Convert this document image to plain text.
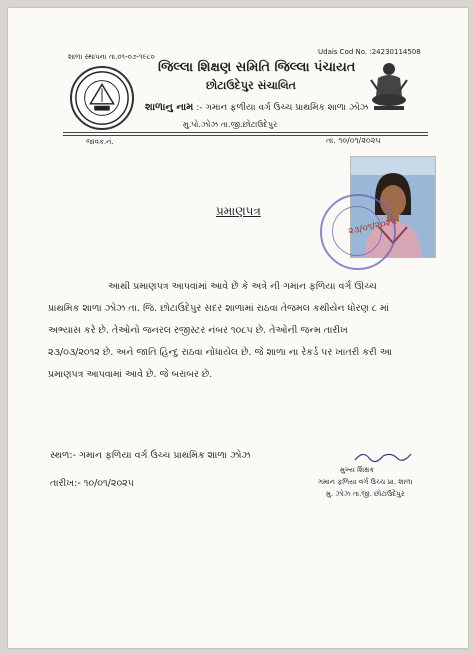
શાળા સ્થાપના તા.૦૧-૦૭-૧૯૮૦
Udais Cod No. :24230114508
જિલ્લા શિક્ષણ સમિતિ જિલ્લા પંચાયત
છોટાઉદેપુર સંચાલિત
શાળાનુ નામ :- ગમાન ફળીયા વર્ગ ઉચ્ચ પ્રાથમિક શાળા ઝોઝ
મુ.પો.ઝોઝ તા.જી.છોટાઉદેપુર
જાવક.નં.	તા. ૧૦/૦૧/૨૦૨૫
૨૩/૦૧/૨૦૨૫
પ્રમાણપત્ર

આથી પ્રમાણપત્ર આપવામાં આવે છે કે અત્રે ની ગમાન ફળિયા વર્ગ ઊચ્ચ

પ્રાથમિક શાળા ઝોઝ તા. જિ. છોટાઉદેપુર સદર શાળામાં રાઠવા તેજમલ કથીયેન ધોરણ ૮ માં

અભ્યાસ કરે છે. તેઓનો જનરલ રજીસ્ટર નંબર ૧૦૮૫ છે. તેઓની જન્મ તારીખ

૨૩/૦૩/૨૦૧૨ છે. અને જાતિ હિન્દુ રાઠવા નોંધાયેલ છે. જે શાળા ના રેકર્ડ પર ખાતરી કરી આ

પ્રમાણપત્ર આપવામાં આવે છે. જે બરાબર છે.

સ્થળ:- ગમાન ફળિયા વર્ગ ઉચ્ચ પ્રાથમિક શાળા ઝોઝ
તારીખ:- ૧૦/૦૧/૨૦૨૫
મુખ્ય શિક્ષક
ગમાન ફળિયા વર્ગ ઉચ્ચ પ્રા. શાળા
મુ. ઝોઝ તા.જી. છોટાઉદેપુર
